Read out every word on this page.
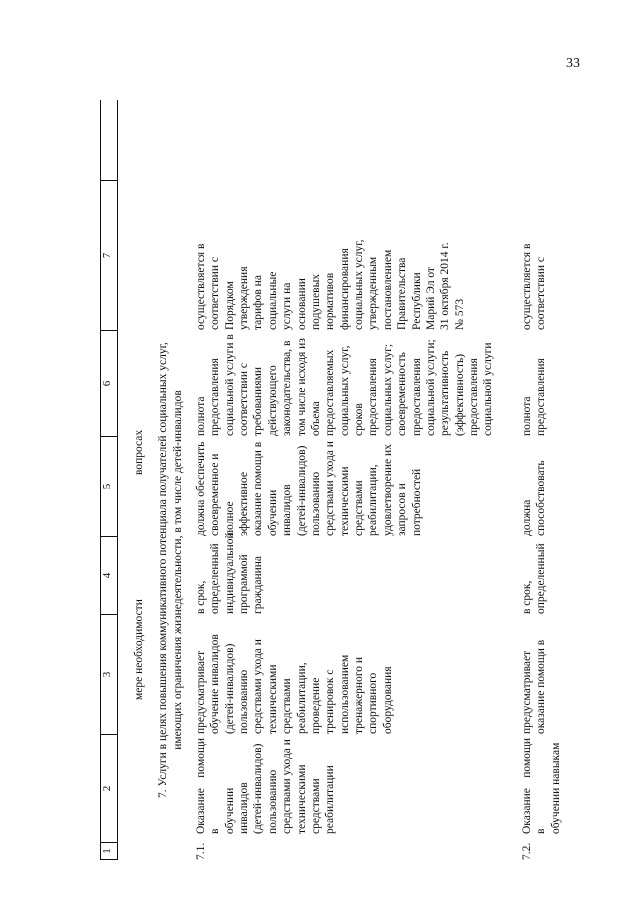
33
1
2
3
4
5
6
7
мере необходимости
вопросах 7. Услуги в целях повышения коммуникативного потенциала получателей социальных услуг, имеющих ограничения жизнедеятельности, в том числе детей-инвалидов
7.1.
Оказание помощи в обучении инвалидов (детей-инвалидов) пользованию средствами ухода и техническими средствами реабилитации
предусматривает обучение инвалидов (детей-инвалидов) пользованию средствами ухода и техническими средствами реабилитации, проведение тренировок с использованием тренажерного и спортивного оборудования
в срок, определенный индивидуальной программой гражданина
должна обеспечить своевременное и полное эффективное оказание помощи в обучении инвалидов (детей-инвалидов) пользованию средствами ухода и техническими средствами реабилитации, удовлетворение их запросов и потребностей
полнота предоставления социальной услуги в соответствии с требованиями действующего законодательства, в том числе исходя из объема предоставляемых социальных услуг, сроков предоставления социальных услуг; своевременность предоставления социальной услуги; результативность (эффективность) предоставления социальной услуги
осуществляется в соответствии с Порядком утверждения тарифов на социальные услуги на основании подушевых нормативов финансирования социальных услуг, утвержденным постановлением Правительства Республики Марий Эл от 31 октября 2014 г. № 573
7.2.
Оказание помощи в обучении навыкам
предусматривает оказание помощи в
в срок, определенный
должна способствовать
полнота предоставления
осуществляется в соответствии с
